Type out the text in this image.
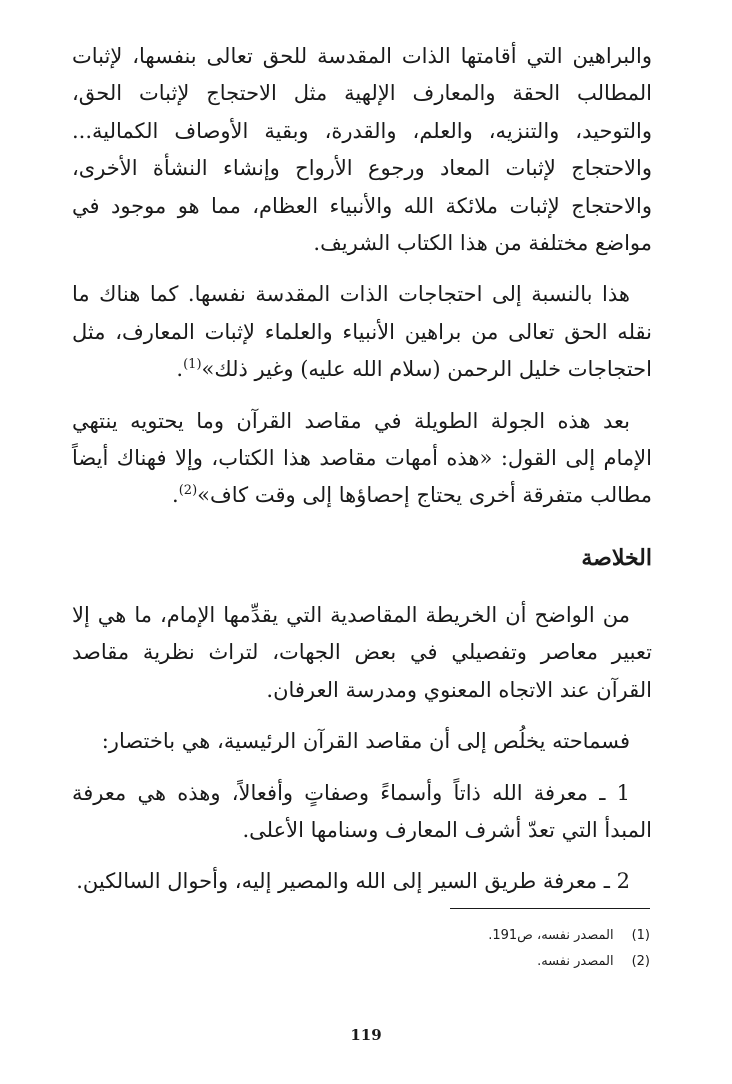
والبراهين التي أقامتها الذات المقدسة للحق تعالى بنفسها، لإثبات المطالب الحقة والمعارف الإلهية مثل الاحتجاج لإثبات الحق، والتوحيد، والتنزيه، والعلم، والقدرة، وبقية الأوصاف الكمالية... والاحتجاج لإثبات المعاد ورجوع الأرواح وإنشاء النشأة الأخرى، والاحتجاج لإثبات ملائكة الله والأنبياء العظام، مما هو موجود في مواضع مختلفة من هذا الكتاب الشريف.

هذا بالنسبة إلى احتجاجات الذات المقدسة نفسها. كما هناك ما نقله الحق تعالى من براهين الأنبياء والعلماء لإثبات المعارف، مثل احتجاجات خليل الرحمن (سلام الله عليه) وغير ذلك»$^{(1)}$.

بعد هذه الجولة الطويلة في مقاصد القرآن وما يحتويه ينتهي الإمام إلى القول: «هذه أمهات مقاصد هذا الكتاب، وإلا فهناك أيضاً مطالب متفرقة أخرى يحتاج إحصاؤها إلى وقت كاف»$^{(2)}$.

الخلاصة

من الواضح أن الخريطة المقاصدية التي يقدِّمها الإمام، ما هي إلا تعبير معاصر وتفصيلي في بعض الجهات، لتراث نظرية مقاصد القرآن عند الاتجاه المعنوي ومدرسة العرفان.

فسماحته يخلُص إلى أن مقاصد القرآن الرئيسية، هي باختصار:

1 ـ معرفة الله ذاتاً وأسماءً وصفاتٍ وأفعالاً، وهذه هي معرفة المبدأ التي تعدّ أشرف المعارف وسنامها الأعلى.

2 ـ معرفة طريق السير إلى الله والمصير إليه، وأحوال السالكين.

(1)المصدر نفسه، ص191.
(2)المصدر نفسه.
119
